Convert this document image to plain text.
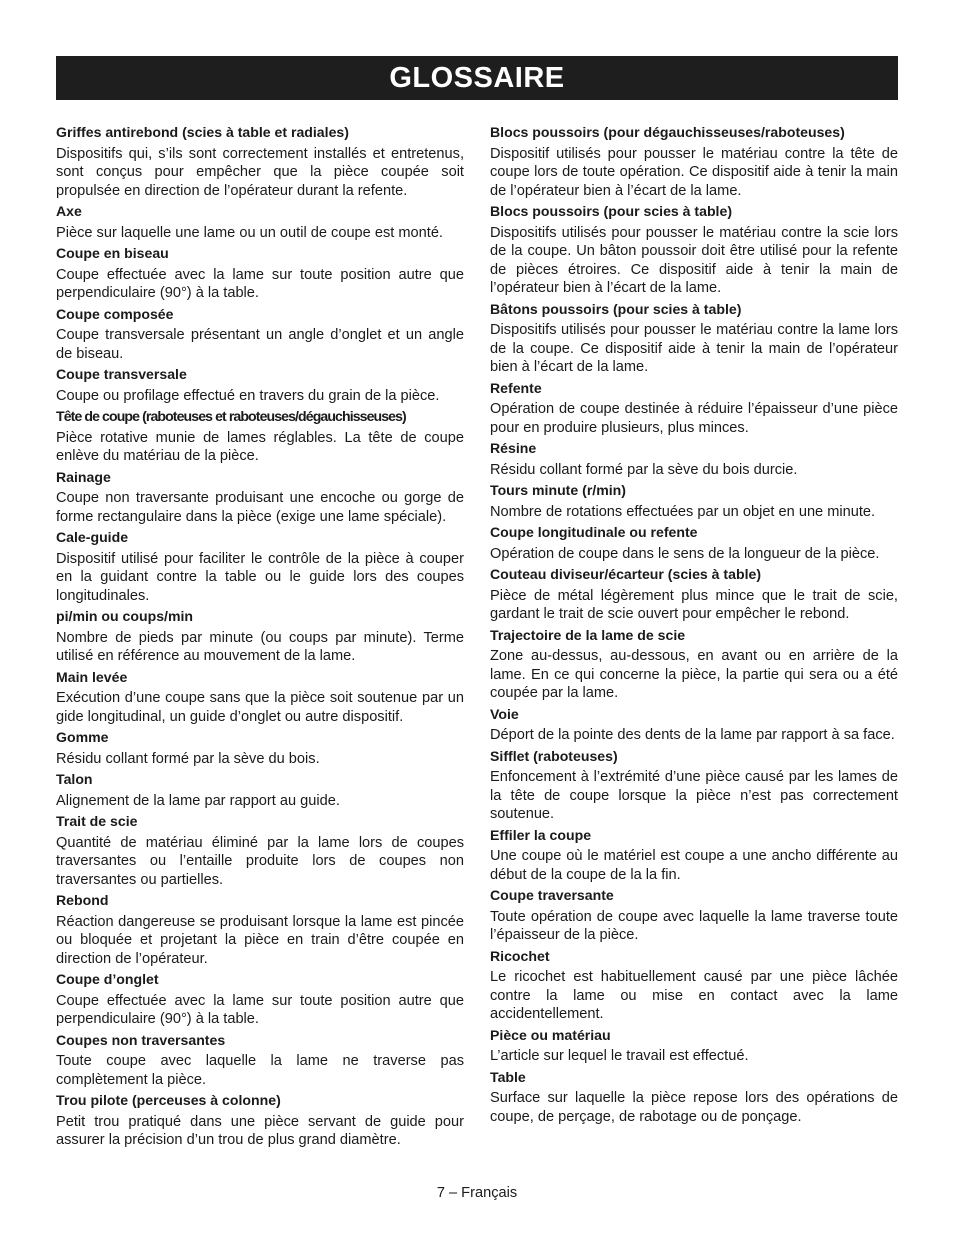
GLOSSAIRE
Griffes antirebond (scies à table et radiales)
Dispositifs qui, s’ils sont correctement installés et entretenus, sont conçus pour empêcher que la pièce coupée soit propulsée en direction de l’opérateur durant la refente.
Axe
Pièce sur laquelle une lame ou un outil de coupe est monté.
Coupe en biseau
Coupe effectuée avec la lame sur toute position autre que perpendiculaire (90°) à la table.
Coupe composée
Coupe transversale présentant un angle d’onglet et un angle de biseau.
Coupe transversale
Coupe ou profilage effectué en travers du grain de la pièce.
Tête de coupe (raboteuses et raboteuses/dégauchisseuses)
Pièce rotative munie de lames réglables. La tête de coupe enlève du matériau de la pièce.
Rainage
Coupe non traversante produisant une encoche ou gorge de forme rectangulaire dans la pièce (exige une lame spéciale).
Cale-guide
Dispositif utilisé pour faciliter le contrôle de la pièce à couper en la guidant contre la table ou le guide lors des coupes longitudinales.
pi/min ou coups/min
Nombre de pieds par minute (ou coups par minute). Terme utilisé en référence au mouvement de la lame.
Main levée
Exécution d’une coupe sans que la pièce soit soutenue par un gide longitudinal, un guide d’onglet ou autre dispositif.
Gomme
Résidu collant formé par la sève du bois.
Talon
Alignement de la lame par rapport au guide.
Trait de scie
Quantité de matériau éliminé par la lame lors de coupes traversantes ou l’entaille produite lors de coupes non traversantes ou partielles.
Rebond
Réaction dangereuse se produisant lorsque la lame est pincée ou bloquée et projetant la pièce en train d’être coupée en direction de l’opérateur.
Coupe d’onglet
Coupe effectuée avec la lame sur toute position autre que perpendiculaire (90°) à la table.
Coupes non traversantes
Toute coupe avec laquelle la lame ne traverse pas complètement la pièce.
Trou pilote (perceuses à colonne)
Petit trou pratiqué dans une pièce servant de guide pour assurer la précision d’un trou de plus grand diamètre.
Blocs poussoirs (pour dégauchisseuses/raboteuses)
Dispositif utilisés pour pousser le matériau contre la tête de coupe lors de toute opération. Ce dispositif aide à tenir la main de l’opérateur bien à l’écart de la lame.
Blocs poussoirs (pour scies à table)
Dispositifs utilisés pour pousser le matériau contre la scie lors de la coupe. Un bâton poussoir doit être utilisé pour la refente de pièces étroires. Ce dispositif aide à tenir la main de l’opérateur bien à l’écart de la lame.
Bâtons poussoirs (pour scies à table)
Dispositifs utilisés pour pousser le matériau contre la lame lors de la coupe. Ce dispositif aide à tenir la main de l’opérateur bien à l’écart de la lame.
Refente
Opération de coupe destinée à réduire l’épaisseur d’une pièce pour en produire plusieurs, plus minces.
Résine
Résidu collant formé par la sève du bois durcie.
Tours minute (r/min)
Nombre de rotations effectuées par un objet en une minute.
Coupe longitudinale ou refente
Opération de coupe dans le sens de la longueur de la pièce.
Couteau diviseur/écarteur (scies à table)
Pièce de métal légèrement plus mince que le trait de scie, gardant le trait de scie ouvert pour empêcher le rebond.
Trajectoire de la lame de scie
Zone au-dessus, au-dessous, en avant ou en arrière de la lame. En ce qui concerne la pièce, la partie qui sera ou a été coupée par la lame.
Voie
Déport de la pointe des dents de la lame par rapport à sa face.
Sifflet (raboteuses)
Enfoncement à l’extrémité d’une pièce causé par les lames de la tête de coupe lorsque la pièce n’est pas correctement soutenue.
Effiler la coupe
Une coupe où le matériel est coupe a une ancho différente au début de la coupe de la la fin.
Coupe traversante
Toute opération de coupe avec laquelle la lame traverse toute l’épaisseur de la pièce.
Ricochet
Le ricochet est habituellement causé par une pièce lâchée contre la lame ou mise en contact avec la lame accidentellement.
Pièce ou matériau
L’article sur lequel le travail est effectué.
Table
Surface sur laquelle la pièce repose lors des opérations de coupe, de perçage, de rabotage ou de ponçage.
7 – Français
